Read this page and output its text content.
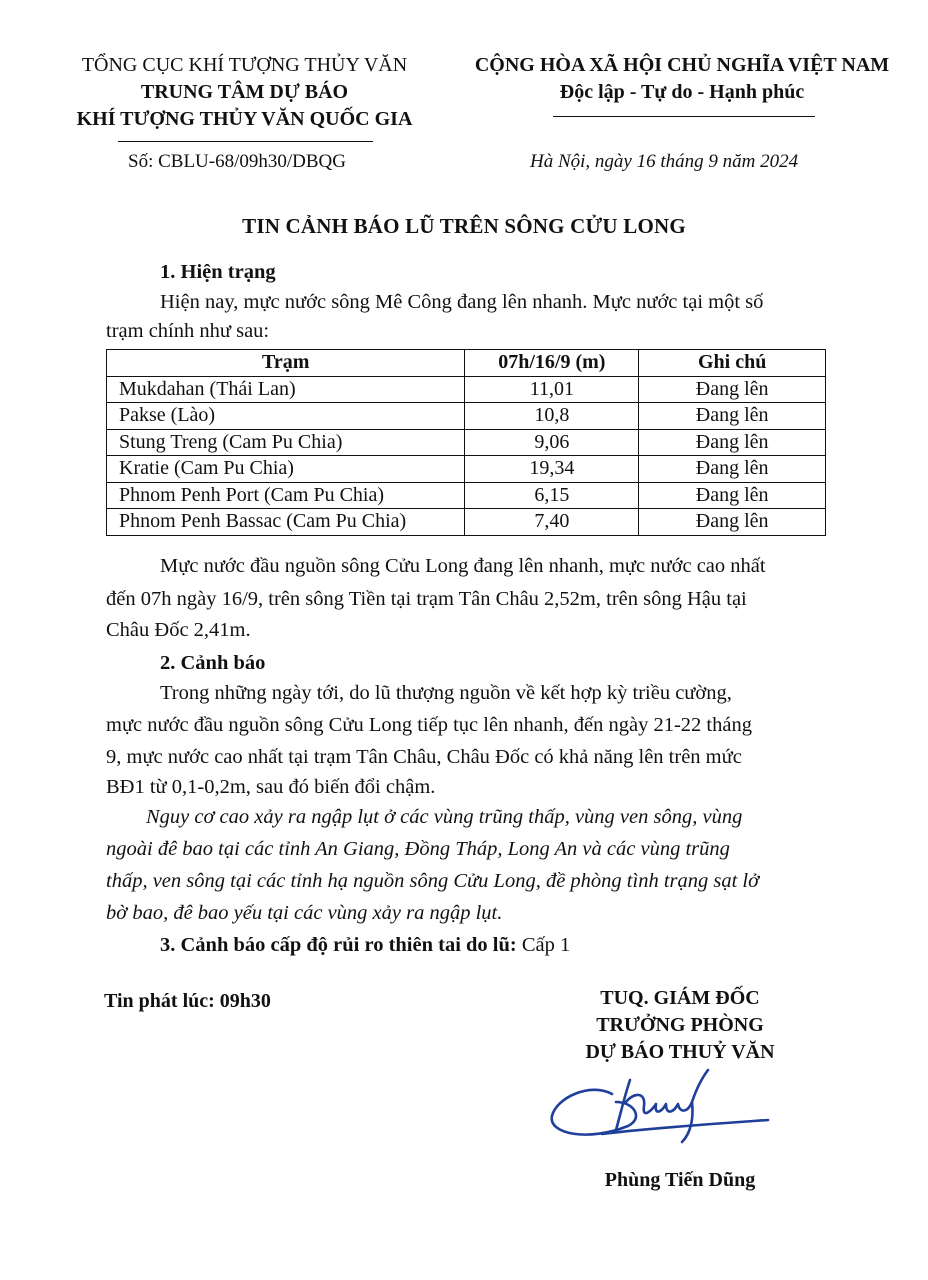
TỔNG CỤC KHÍ TƯỢNG THỦY VĂN
TRUNG TÂM DỰ BÁO
KHÍ TƯỢNG THỦY VĂN QUỐC GIA
CỘNG HÒA XÃ HỘI CHỦ NGHĨA VIỆT NAM
Độc lập - Tự do - Hạnh phúc
Số: CBLU-68/09h30/DBQG	Hà Nội, ngày 16 tháng 9 năm 2024
TIN CẢNH BÁO LŨ TRÊN SÔNG CỬU LONG
1. Hiện trạng
Hiện nay, mực nước sông Mê Công đang lên nhanh. Mực nước tại một số
trạm chính như sau:
Trạm	07h/16/9 (m)	Ghi chú
Mukdahan (Thái Lan)	11,01	Đang lên
Pakse (Lào)	10,8	Đang lên
Stung Treng (Cam Pu Chia)	9,06	Đang lên
Kratie (Cam Pu Chia)	19,34	Đang lên
Phnom Penh Port (Cam Pu Chia)	6,15	Đang lên
Phnom Penh Bassac (Cam Pu Chia)	7,40	Đang lên
Mực nước đầu nguồn sông Cửu Long đang lên nhanh, mực nước cao nhất
đến 07h ngày 16/9, trên sông Tiền tại trạm Tân Châu 2,52m, trên sông Hậu tại
Châu Đốc 2,41m.
2. Cảnh báo
Trong những ngày tới, do lũ thượng nguồn về kết hợp kỳ triều cường,
mực nước đầu nguồn sông Cửu Long tiếp tục lên nhanh, đến ngày 21-22 tháng
9, mực nước cao nhất tại trạm Tân Châu, Châu Đốc có khả năng lên trên mức
BĐ1 từ 0,1-0,2m, sau đó biến đổi chậm.
Nguy cơ cao xảy ra ngập lụt ở các vùng trũng thấp, vùng ven sông, vùng
ngoài đê bao tại các tỉnh An Giang, Đồng Tháp, Long An và các vùng trũng
thấp, ven sông tại các tỉnh hạ nguồn sông Cửu Long, đề phòng tình trạng sạt lở
bờ bao, đê bao yếu tại các vùng xảy ra ngập lụt.
3. Cảnh báo cấp độ rủi ro thiên tai do lũ: Cấp 1
Tin phát lúc: 09h30	TUQ. GIÁM ĐỐC
TRƯỞNG PHÒNG
DỰ BÁO THUỶ VĂN
Phùng Tiến Dũng
